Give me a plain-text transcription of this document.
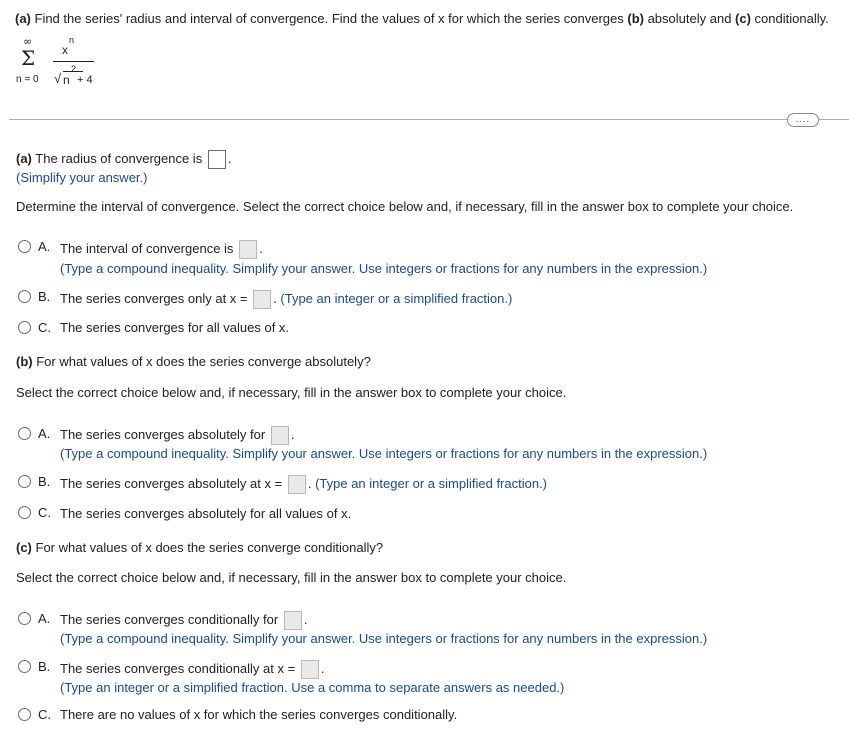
(a) Find the series' radius and interval of convergence. Find the values of x for which the series converges (b) absolutely and (c) conditionally.
∞
Σ
n = 0
n
x
√
2
n + 4
....
(a) The radius of convergence is .
(Simplify your answer.)
Determine the interval of convergence. Select the correct choice below and, if necessary, fill in the answer box to complete your choice.
A. The interval of convergence is .
(Type a compound inequality. Simplify your answer. Use integers or fractions for any numbers in the expression.)
B. The series converges only at x = . (Type an integer or a simplified fraction.)
C. The series converges for all values of x.
(b) For what values of x does the series converge absolutely?
Select the correct choice below and, if necessary, fill in the answer box to complete your choice.
A. The series converges absolutely for .
(Type a compound inequality. Simplify your answer. Use integers or fractions for any numbers in the expression.)
B. The series converges absolutely at x = . (Type an integer or a simplified fraction.)
C. The series converges absolutely for all values of x.
(c) For what values of x does the series converge conditionally?
Select the correct choice below and, if necessary, fill in the answer box to complete your choice.
A. The series converges conditionally for .
(Type a compound inequality. Simplify your answer. Use integers or fractions for any numbers in the expression.)
B. The series converges conditionally at x = .
(Type an integer or a simplified fraction. Use a comma to separate answers as needed.)
C. There are no values of x for which the series converges conditionally.
